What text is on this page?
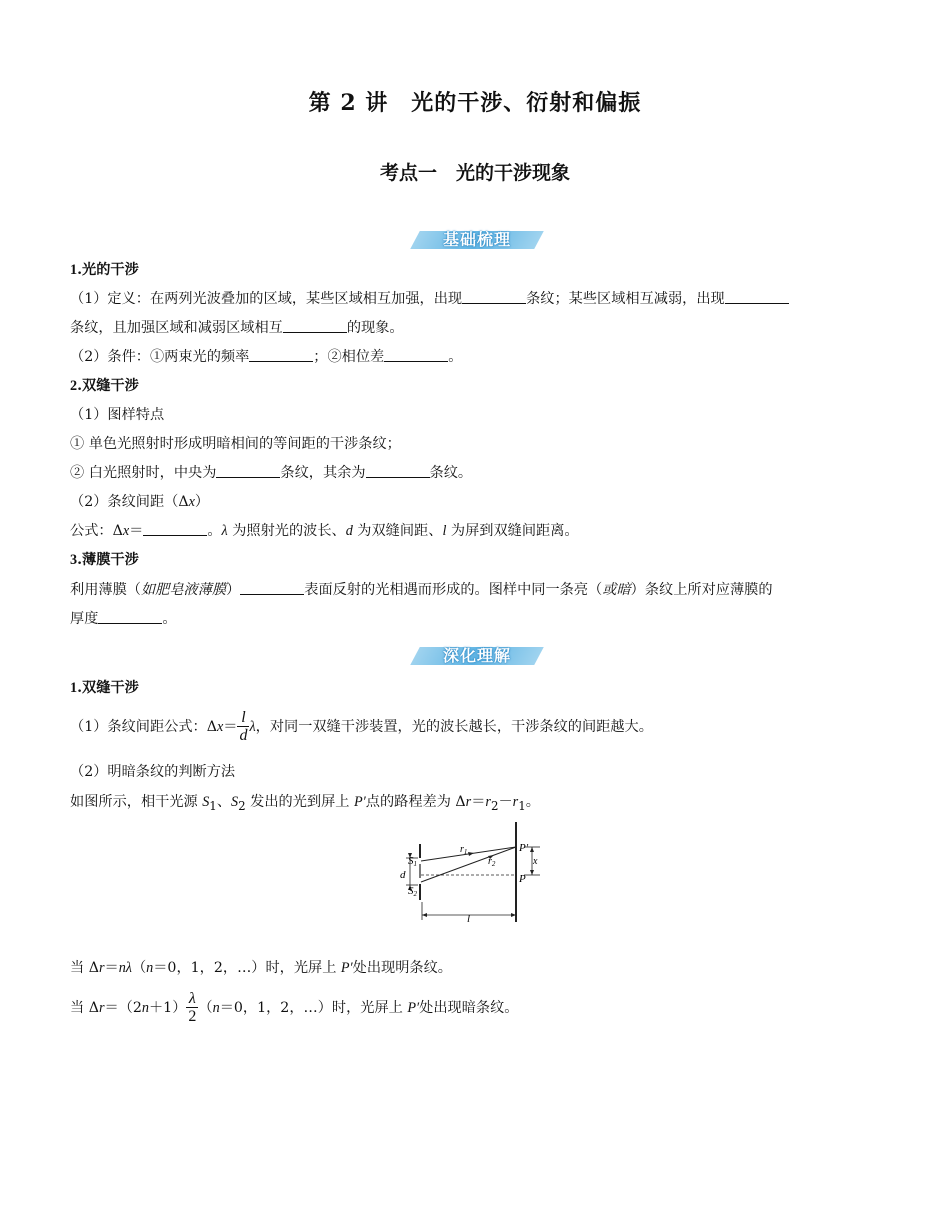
第 2 讲　光的干涉、衍射和偏振
考点一　光的干涉现象
基础梳理
1.光的干涉
（1）定义：在两列光波叠加的区域，某些区域相互加强，出现	条纹；某些区域相互减弱，出现
条纹，且加强区域和减弱区域相互	的现象。
（2）条件：①两束光的频率	；②相位差	。
2.双缝干涉
（1）图样特点
① 单色光照射时形成明暗相间的等间距的干涉条纹；
② 白光照射时，中央为	条纹，其余为	条纹。
（2）条纹间距（Δx）
公式：Δx＝	。λ 为照射光的波长、d 为双缝间距、l 为屏到双缝间距离。
3.薄膜干涉
利用薄膜（如肥皂液薄膜）	表面反射的光相遇而形成的。图样中同一条亮（或暗）条纹上所对应薄膜的
厚度	。
深化理解
1.双缝干涉
（1）条纹间距公式：$\Delta x= \frac{l}{d}$ λ，对同一双缝干涉装置，光的波长越长，干涉条纹的间距越大。
（2）明暗条纹的判断方法
如图所示，相干光源 $S_1$、$S_2$ 发出的光到屏上 P′点的路程差为 $\Delta r=r_2-r_1$。
S1
d
S2
$r_1$
$r_2$
P′
P
x
l
当 Δr＝nλ（n＝0，1，2，…）时，光屏上 P′处出现明条纹。
当 $\Delta r=(2n+1) \frac{\lambda}{2} (n=0$，1，2，…）时，光屏上 P′处出现暗条纹。
